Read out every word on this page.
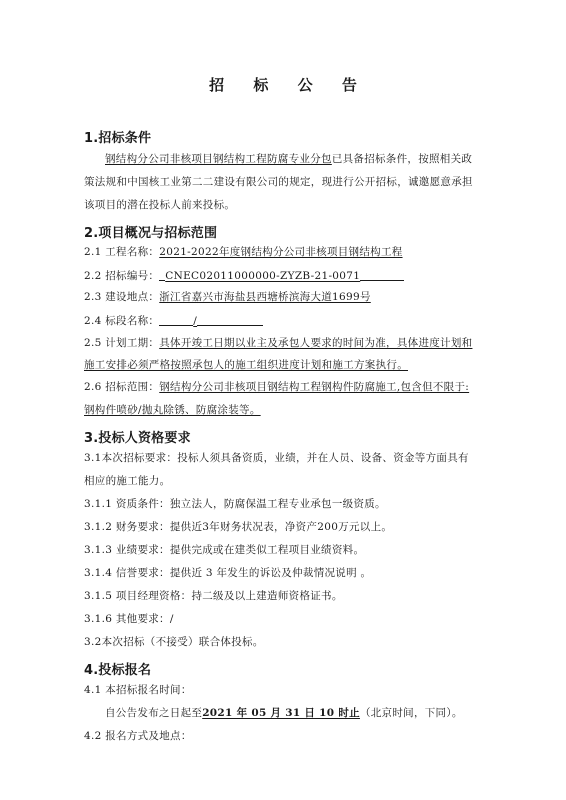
招 标 公 告
1.招标条件
钢结构分公司非核项目钢结构工程防腐专业分包已具备招标条件，按照相关政
策法规和中国核工业第二二建设有限公司的规定，现进行公开招标，诚邀愿意承担
该项目的潜在投标人前来投标。
2.项目概况与招标范围
2.1 工程名称：2021-2022年度钢结构分公司非核项目钢结构工程
2.2 招标编号： CNEC02011000000-ZYZB-21-0071
2.3 建设地点：浙江省嘉兴市海盐县西塘桥滨海大道1699号
2.4 标段名称：	/
2.5 计划工期：具体开竣工日期以业主及承包人要求的时间为准，具体进度计划和
施工安排必须严格按照承包人的施工组织进度计划和施工方案执行。
2.6 招标范围：钢结构分公司非核项目钢结构工程钢构件防腐施工,包含但不限于:
钢构件喷砂/抛丸除锈、防腐涂装等。
3.投标人资格要求
3.1本次招标要求：投标人须具备资质，业绩，并在人员、设备、资金等方面具有
相应的施工能力。
3.1.1 资质条件：独立法人，防腐保温工程专业承包一级资质。
3.1.2 财务要求：提供近3年财务状况表，净资产200万元以上。
3.1.3 业绩要求：提供完成或在建类似工程项目业绩资料。
3.1.4 信誉要求：提供近 3 年发生的诉讼及仲裁情况说明 。
3.1.5 项目经理资格：持二级及以上建造师资格证书。
3.1.6 其他要求：/
3.2本次招标（不接受）联合体投标。
4.投标报名
4.1 本招标报名时间：
自公告发布之日起至2021 年 05 月 31 日 10 时止（北京时间，下同）。
4.2 报名方式及地点：
